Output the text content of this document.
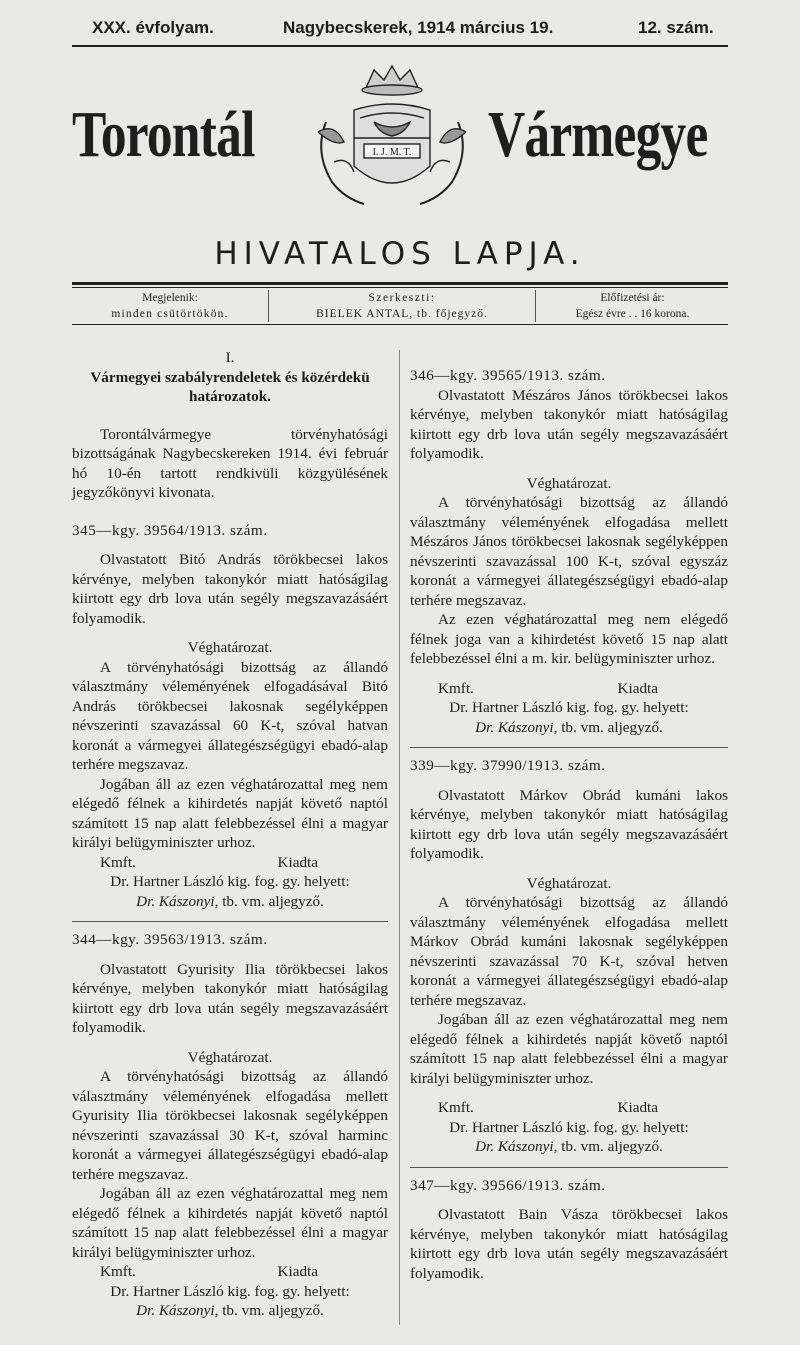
XXX. évfolyam.	Nagybecskerek, 1914 március 19.	12. szám.
Torontál	I. J. M. T. Vármegye
HIVATALOS LAPJA.
Megjelenik:
minden csütörtökön.
Szerkeszti:
BIELEK ANTAL, tb. főjegyző.
Előfizetési ár:
Egész évre . . 16 korona.

I.

Vármegyei szabályrendeletek és közérdekü határozatok.

Torontálvármegye törvényhatósági bizottságának Nagybecskereken 1914. évi február hó 10-én tartott rendkivüli közgyülésének jegyzőkönyvi kivonata.

345—kgy. 39564/1913. szám.

Olvastatott Bitó András törökbecsei lakos kérvénye, melyben takonykór miatt hatóságilag kiirtott egy drb lova után segély megszavazásáért folyamodik.

Véghatározat.

A törvényhatósági bizottság az állandó választmány véleményének elfogadásával Bitó András törökbecsei lakosnak segélyképpen névszerinti szavazással 60 K-t, szóval hatvan koronát a vármegyei állategészségügyi ebadó-alap terhére megszavaz.

Jogában áll az ezen véghatározattal meg nem elégedő félnek a kihirdetés napját követő naptól számított 15 nap alatt felebbezéssel élni a magyar királyi belügyminiszter urhoz.

Kmft.	Kiadta

Dr. Hartner László kig. fog. gy. helyett:

Dr. Kászonyi, tb. vm. aljegyző.

344—kgy. 39563/1913. szám.

Olvastatott Gyurisity Ilia törökbecsei lakos kérvénye, melyben takonykór miatt hatóságilag kiirtott egy drb lova után segély megszavazásáért folyamodik.

Véghatározat.

A törvényhatósági bizottság az állandó választmány véleményének elfogadása mellett Gyurisity Ilia törökbecsei lakosnak segélyképpen névszerinti szavazással 30 K-t, szóval harminc koronát a vármegyei állategészségügyi ebadó-alap terhére megszavaz.

Jogában áll az ezen véghatározattal meg nem elégedő félnek a kihirdetés napját követő naptól számított 15 nap alatt felebbezéssel élni a magyar királyi belügyminiszter urhoz.

Kmft.	Kiadta

Dr. Hartner László kig. fog. gy. helyett:

Dr. Kászonyi, tb. vm. aljegyző.

346—kgy. 39565/1913. szám.

Olvastatott Mészáros János törökbecsei lakos kérvénye, melyben takonykór miatt hatóságilag kiirtott egy drb lova után segély megszavazásáért folyamodik.

Véghatározat.

A törvényhatósági bizottság az állandó választmány véleményének elfogadása mellett Mészáros János törökbecsei lakosnak segélyképpen névszerinti szavazással 100 K-t, szóval egyszáz koronát a vármegyei állategészségügyi ebadó-alap terhére megszavaz.

Az ezen véghatározattal meg nem elégedő félnek joga van a kihirdetést követő 15 nap alatt felebbezéssel élni a m. kir. belügyminiszter urhoz.

Kmft.	Kiadta

Dr. Hartner László kig. fog. gy. helyett:

Dr. Kászonyi, tb. vm. aljegyző.

339—kgy. 37990/1913. szám.

Olvastatott Márkov Obrád kumáni lakos kérvénye, melyben takonykór miatt hatóságilag kiirtott egy drb lova után segély megszavazásáért folyamodik.

Véghatározat.

A törvényhatósági bizottság az állandó választmány véleményének elfogadása mellett Márkov Obrád kumáni lakosnak segélyképpen névszerinti szavazással 70 K-t, szóval hetven koronát a vármegyei állategészségügyi ebadó-alap terhére megszavaz.

Jogában áll az ezen véghatározattal meg nem elégedő félnek a kihirdetés napját követő naptól számított 15 nap alatt felebbezéssel élni a magyar királyi belügyminiszter urhoz.

Kmft.	Kiadta

Dr. Hartner László kig. fog. gy. helyett:

Dr. Kászonyi, tb. vm. aljegyző.

347—kgy. 39566/1913. szám.

Olvastatott Bain Vásza törökbecsei lakos kérvénye, melyben takonykór miatt hatóságilag kiirtott egy drb lova után segély megszavazásáért folyamodik.
